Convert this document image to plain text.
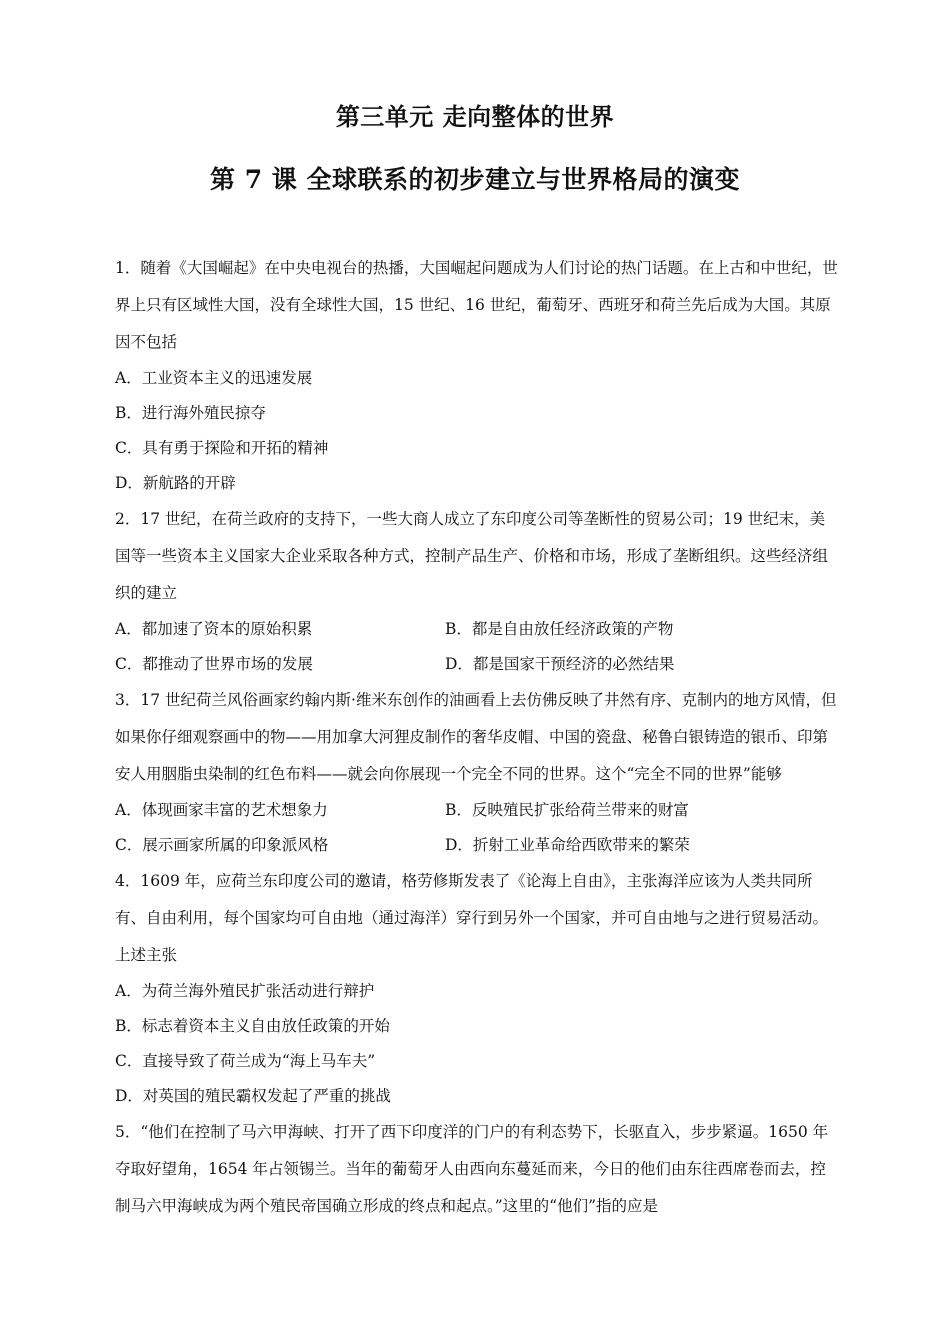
第三单元 走向整体的世界
第 7 课 全球联系的初步建立与世界格局的演变

1．随着《大国崛起》在中央电视台的热播，大国崛起问题成为人们讨论的热门话题。在上古和中世纪，世界上只有区域性大国，没有全球性大国，15 世纪、16 世纪，葡萄牙、西班牙和荷兰先后成为大国。其原因不包括

A．工业资本主义的迅速发展
B．进行海外殖民掠夺
C．具有勇于探险和开拓的精神
D．新航路的开辟

2．17 世纪，在荷兰政府的支持下，一些大商人成立了东印度公司等垄断性的贸易公司；19 世纪末，美国等一些资本主义国家大企业采取各种方式，控制产品生产、价格和市场，形成了垄断组织。这些经济组织的建立

A．都加速了资本的原始积累	B．都是自由放任经济政策的产物
C．都推动了世界市场的发展	D．都是国家干预经济的必然结果

3．17 世纪荷兰风俗画家约翰内斯·维米东创作的油画看上去仿佛反映了井然有序、克制内的地方风情，但如果你仔细观察画中的物——用加拿大河狸皮制作的奢华皮帽、中国的瓷盘、秘鲁白银铸造的银币、印第安人用胭脂虫染制的红色布料——就会向你展现一个完全不同的世界。这个“完全不同的世界”能够

A．体现画家丰富的艺术想象力	B．反映殖民扩张给荷兰带来的财富
C．展示画家所属的印象派风格	D．折射工业革命给西欧带来的繁荣

4．1609 年，应荷兰东印度公司的邀请，格劳修斯发表了《论海上自由》，主张海洋应该为人类共同所有、自由利用，每个国家均可自由地（通过海洋）穿行到另外一个国家，并可自由地与之进行贸易活动。上述主张

A．为荷兰海外殖民扩张活动进行辩护
B．标志着资本主义自由放任政策的开始
C．直接导致了荷兰成为“海上马车夫”
D．对英国的殖民霸权发起了严重的挑战

5．“他们在控制了马六甲海峡、打开了西下印度洋的门户的有利态势下，长驱直入，步步紧逼。1650 年夺取好望角，1654 年占领锡兰。当年的葡萄牙人由西向东蔓延而来，今日的他们由东往西席卷而去，控制马六甲海峡成为两个殖民帝国确立形成的终点和起点。”这里的“他们”指的应是
